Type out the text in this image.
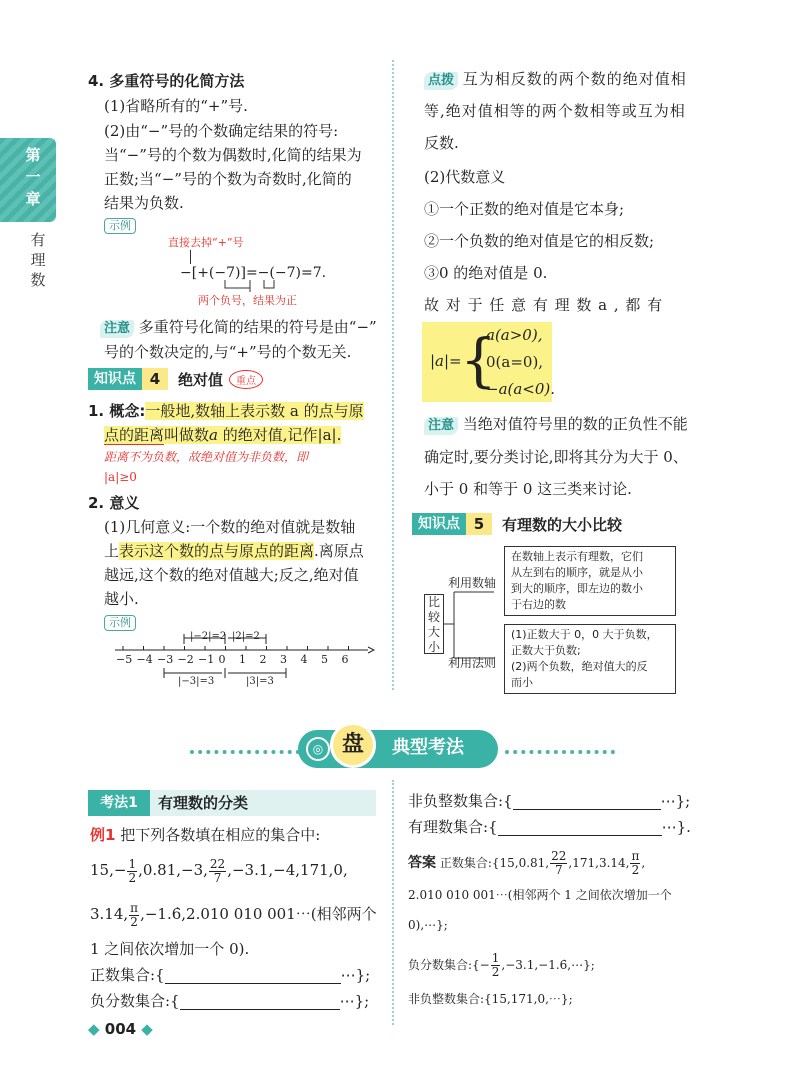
第
一
章
有
理
数
4. 多重符号的化简方法
(1)省略所有的“+”号.
(2)由“−”号的个数确定结果的符号:
当“−”号的个数为偶数时,化简的结果为
正数;当“−”号的个数为奇数时,化简的
结果为负数.
示例
直接去掉“+”号
−[+(−7)]=−(−7)=7.
两个负号，结果为正
注意 多重符号化简的结果的符号是由“−”
号的个数决定的,与“+”号的个数无关.
知识点 4	绝对值	重点
1. 概念:一般地,数轴上表示数 a 的点与原
点的距离叫做数a 的绝对值,记作|a|.
距离不为负数，故绝对值为非负数，即
|a|≥0
2. 意义
(1)几何意义:一个数的绝对值就是数轴
上表示这个数的点与原点的距离.离原点
越远,这个数的绝对值越大;反之,绝对值
越小.
示例
|−2|=2 |2|=2
−5 −4 −3 −2 −1 0 1 2 3 4 5 6
|−3|=3	|3|=3
点拨 互为相反数的两个数的绝对值相
等,绝对值相等的两个数相等或互为相
反数.
(2)代数意义
①一个正数的绝对值是它本身;
②一个负数的绝对值是它的相反数;
③0 的绝对值是 0.
故 对 于 任 意 有 理 数 a , 都 有
|a|=
{
a(a>0),
0(a=0),
−a(a<0).
注意 当绝对值符号里的数的正负性不能
确定时,要分类讨论,即将其分为大于 0、
小于 0 和等于 0 这三类来讨论.
知识点 5	有理数的大小比较
比较大小
利用数轴
利用法则
在数轴上表示有理数，它们
从左到右的顺序，就是从小
到大的顺序，即左边的数小
于右边的数
(1)正数大于 0，0 大于负数，
正数大于负数;
(2)两个负数，绝对值大的反
而小
◎ 盘	典型考法
考法1	有理数的分类
例1 把下列各数填在相应的集合中:
$15,- \frac{1}{2} ,0.81,-3$, $\frac{22}{7} ,-3.1,-4,171,0$,
3.14, $\frac{\pi}{2}$ ,−1.6̇,2.010 010 001⋯(相邻两个
1 之间依次增加一个 0).
正数集合:{	⋯};
负分数集合:{	⋯};
◆ 004 ◆
非负整数集合:{	⋯};
有理数集合:{	⋯}.
答案 正数集合:{15,0.81, $\frac{22}{7} ,171,3.14$, $\frac{\pi}{2}$ ,
2.010 010 001⋯(相邻两个 1 之间依次增加一个
0),⋯};
负分数集合:{− $\frac{1}{2}$ ,−3.1,−1.6̇,⋯};
非负整数集合:{15,171,0,⋯};
